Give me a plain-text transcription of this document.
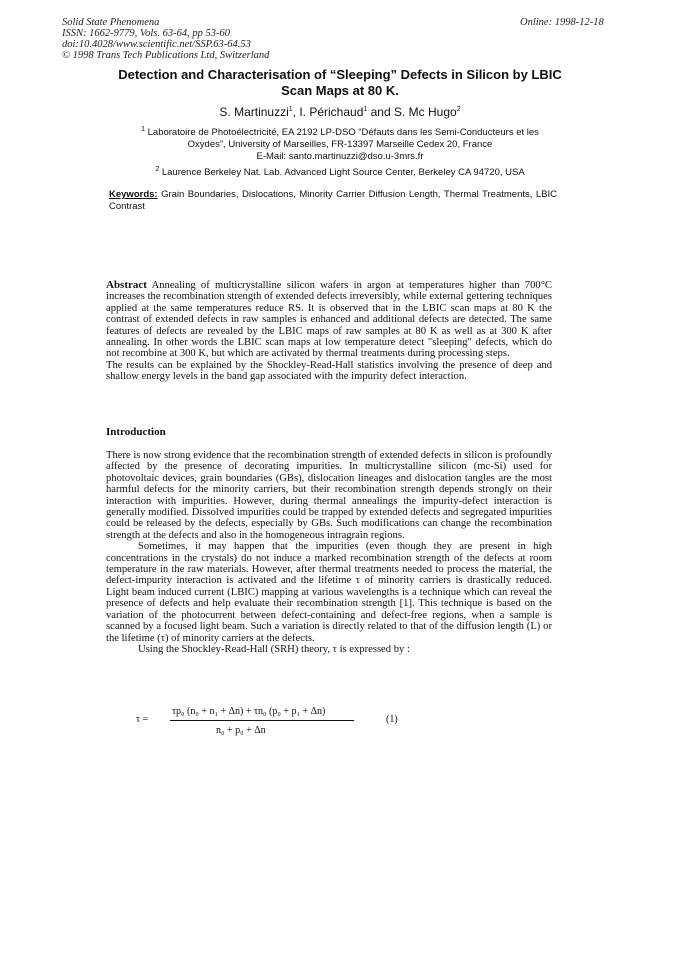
Solid State Phenomena
ISSN: 1662-9779, Vols. 63-64, pp 53-60
doi:10.4028/www.scientific.net/SSP.63-64.53
© 1998 Trans Tech Publications Ltd, Switzerland
Online: 1998-12-18
Detection and Characterisation of “Sleeping” Defects in Silicon by LBIC
Scan Maps at 80 K.
S. Martinuzzi$^1$, I. Périchaud$^1$ and S. Mc Hugo$^2$
$^1$ Laboratoire de Photoélectricité, EA 2192 LP-DSO “Défauts dans les Semi-Conducteurs et les
Oxydes”, University of Marseilles, FR-13397 Marseille Cedex 20, France
E-Mail: santo.martinuzzi@dso.u-3mrs.fr
$^2$ Laurence Berkeley Nat. Lab. Advanced Light Source Center, Berkeley CA 94720, USA
Keywords: Grain Boundaries, Dislocations, Minority Carrier Diffusion Length, Thermal Treatments, LBIC Contrast
Abstract Annealing of multicrystalline silicon wafers in argon at temperatures higher than 700°C increases the recombination strength of extended defects irreversibly, while external gettering techniques applied at the same temperatures reduce RS. It is observed that in the LBIC scan maps at 80 K the contrast of extended defects in raw samples is enhanced and additional defects are detected. The same features of defects are revealed by the LBIC maps of raw samples at 80 K as well as at 300 K after annealing. In other words the LBIC scan maps at low temperature detect "sleeping" defects, which do not recombine at 300 K, but which are activated by thermal treatments during processing steps.
The results can be explained by the Shockley-Read-Hall statistics involving the presence of deep and shallow energy levels in the band gap associated with the impurity defect interaction.
Introduction
There is now strong evidence that the recombination strength of extended defects in silicon is profoundly affected by the presence of decorating impurities. In multicrystalline silicon (mc-Si) used for photovoltaic devices, grain boundaries (GBs), dislocation lineages and dislocation tangles are the most harmful defects for the minority carriers, but their recombination strength depends strongly on their interaction with impurities. However, during thermal annealings the impurity-defect interaction is generally modified. Dissolved impurities could be trapped by extended defects and segregated impurities could be released by the defects, especially by GBs. Such modifications can change the recombination strength at the defects and also in the homogeneous intragrain regions.
Sometimes, it may happen that the impurities (even though they are present in high concentrations in the crystals) do not induce a marked recombination strength of the defects at room temperature in the raw materials. However, after thermal treatments needed to process the material, the defect-impurity interaction is activated and the lifetime τ of minority carriers is drastically reduced. Light beam induced current (LBIC) mapping at various wavelengths is a technique which can reveal the presence of defects and help evaluate their recombination strength [1]. This technique is based on the variation of the photocurrent between defect-containing and defect-free regions, when a sample is scanned by a focused light beam. Such a variation is directly related to that of the diffusion length (L) or the lifetime (τ) of minority carriers at the defects.
Using the Shockley-Read-Hall (SRH) theory, τ is expressed by :
τ =
τp₀ (n₀ + n₁ + Δn) + τn₀ (p₀ + p₁ + Δn)
n₀ + p₀ + Δn
(1)
